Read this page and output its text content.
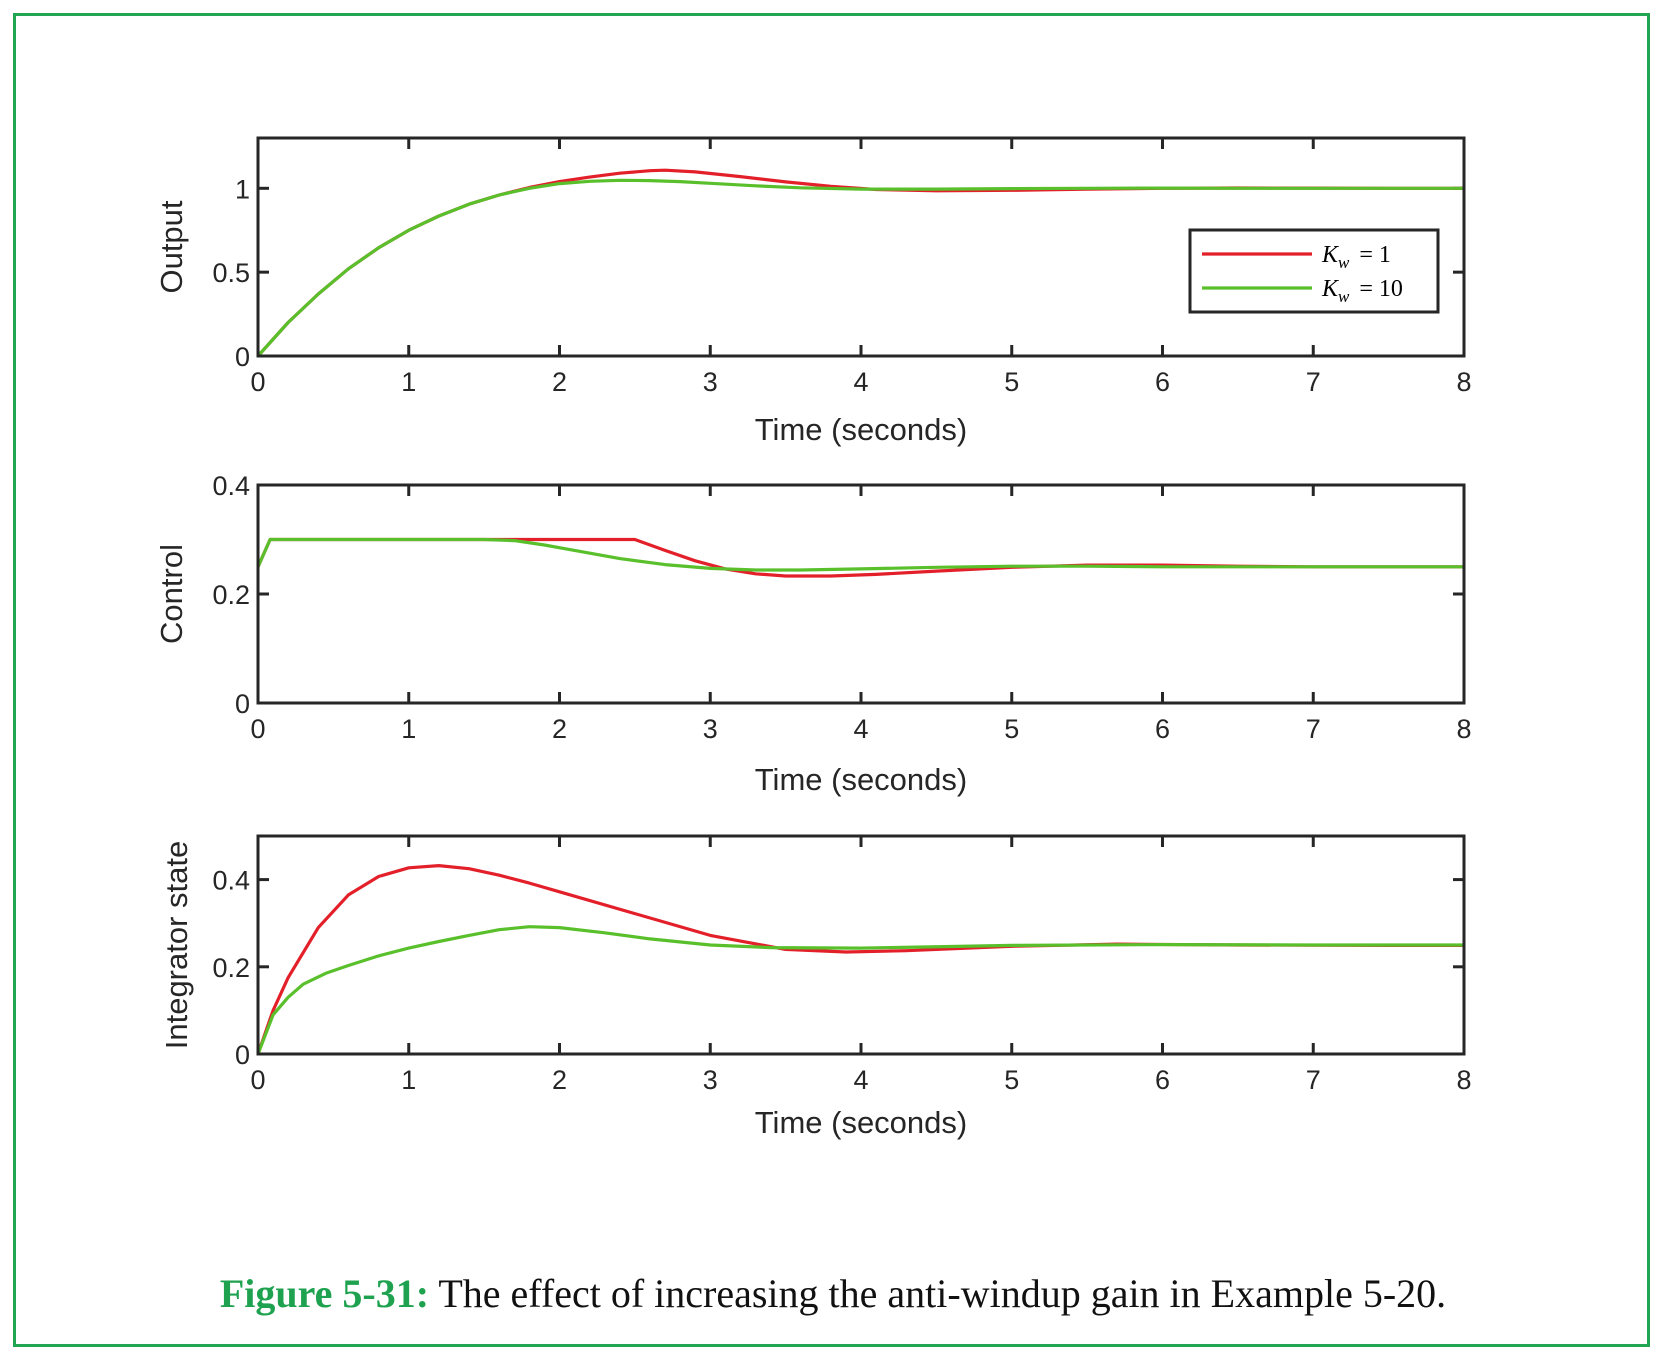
0	1	2	3	4	5	6	7	8
0
0.5
1
Time (seconds)
Output	$K_w = 1$
$K_w = 10$
0	1	2	3	4	5	6	7	8
0
0.2
0.4
Time (seconds)
Control
0	1	2	3	4	5	6	7	8
0
0.2
0.4
Time (seconds)
Integrator state
Figure 5-31: The effect of increasing the anti-windup gain in Example 5-20.
